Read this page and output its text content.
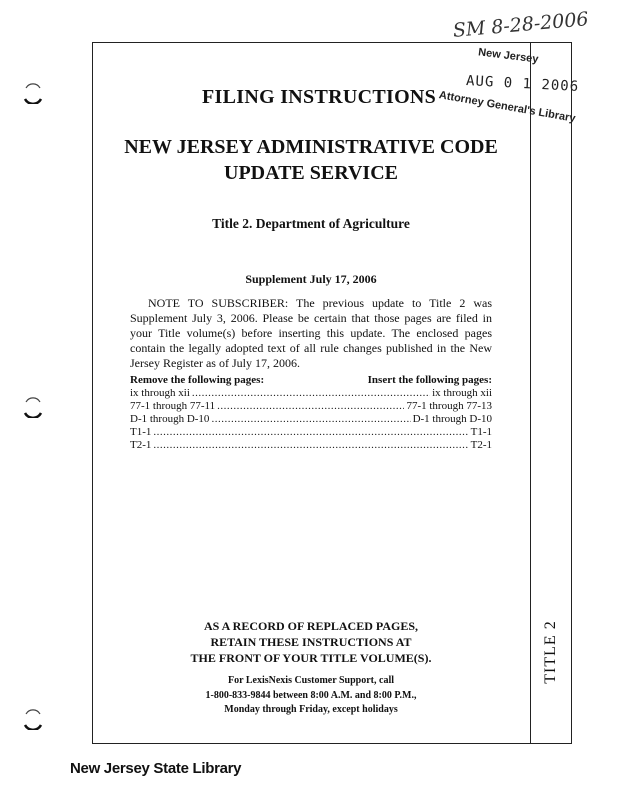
SM 8-28-2006
New Jersey
AUG 0 1 2006
Attorney General's Library
FILING INSTRUCTIONS
NEW JERSEY ADMINISTRATIVE CODE
UPDATE SERVICE
Title 2. Department of Agriculture
Supplement July 17, 2006
NOTE TO SUBSCRIBER: The previous update to Title 2 was Supplement July 3, 2006. Please be certain that those pages are filed in your Title volume(s) before inserting this update. The enclosed pages contain the legally adopted text of all rule changes published in the New Jersey Register as of July 17, 2006.
Remove the following pages:	Insert the following pages:
ix through xii .....	ix through xii
77-1 through 77-11 .....	77-1 through 77-13
D-1 through D-10 .....	D-1 through D-10
T1-1 .....	T1-1
T2-1 .....	T2-1
AS A RECORD OF REPLACED PAGES,
RETAIN THESE INSTRUCTIONS AT
THE FRONT OF YOUR TITLE VOLUME(S).
For LexisNexis Customer Support, call
1-800-833-9844 between 8:00 A.M. and 8:00 P.M.,
Monday through Friday, except holidays
TITLE 2
New Jersey State Library
